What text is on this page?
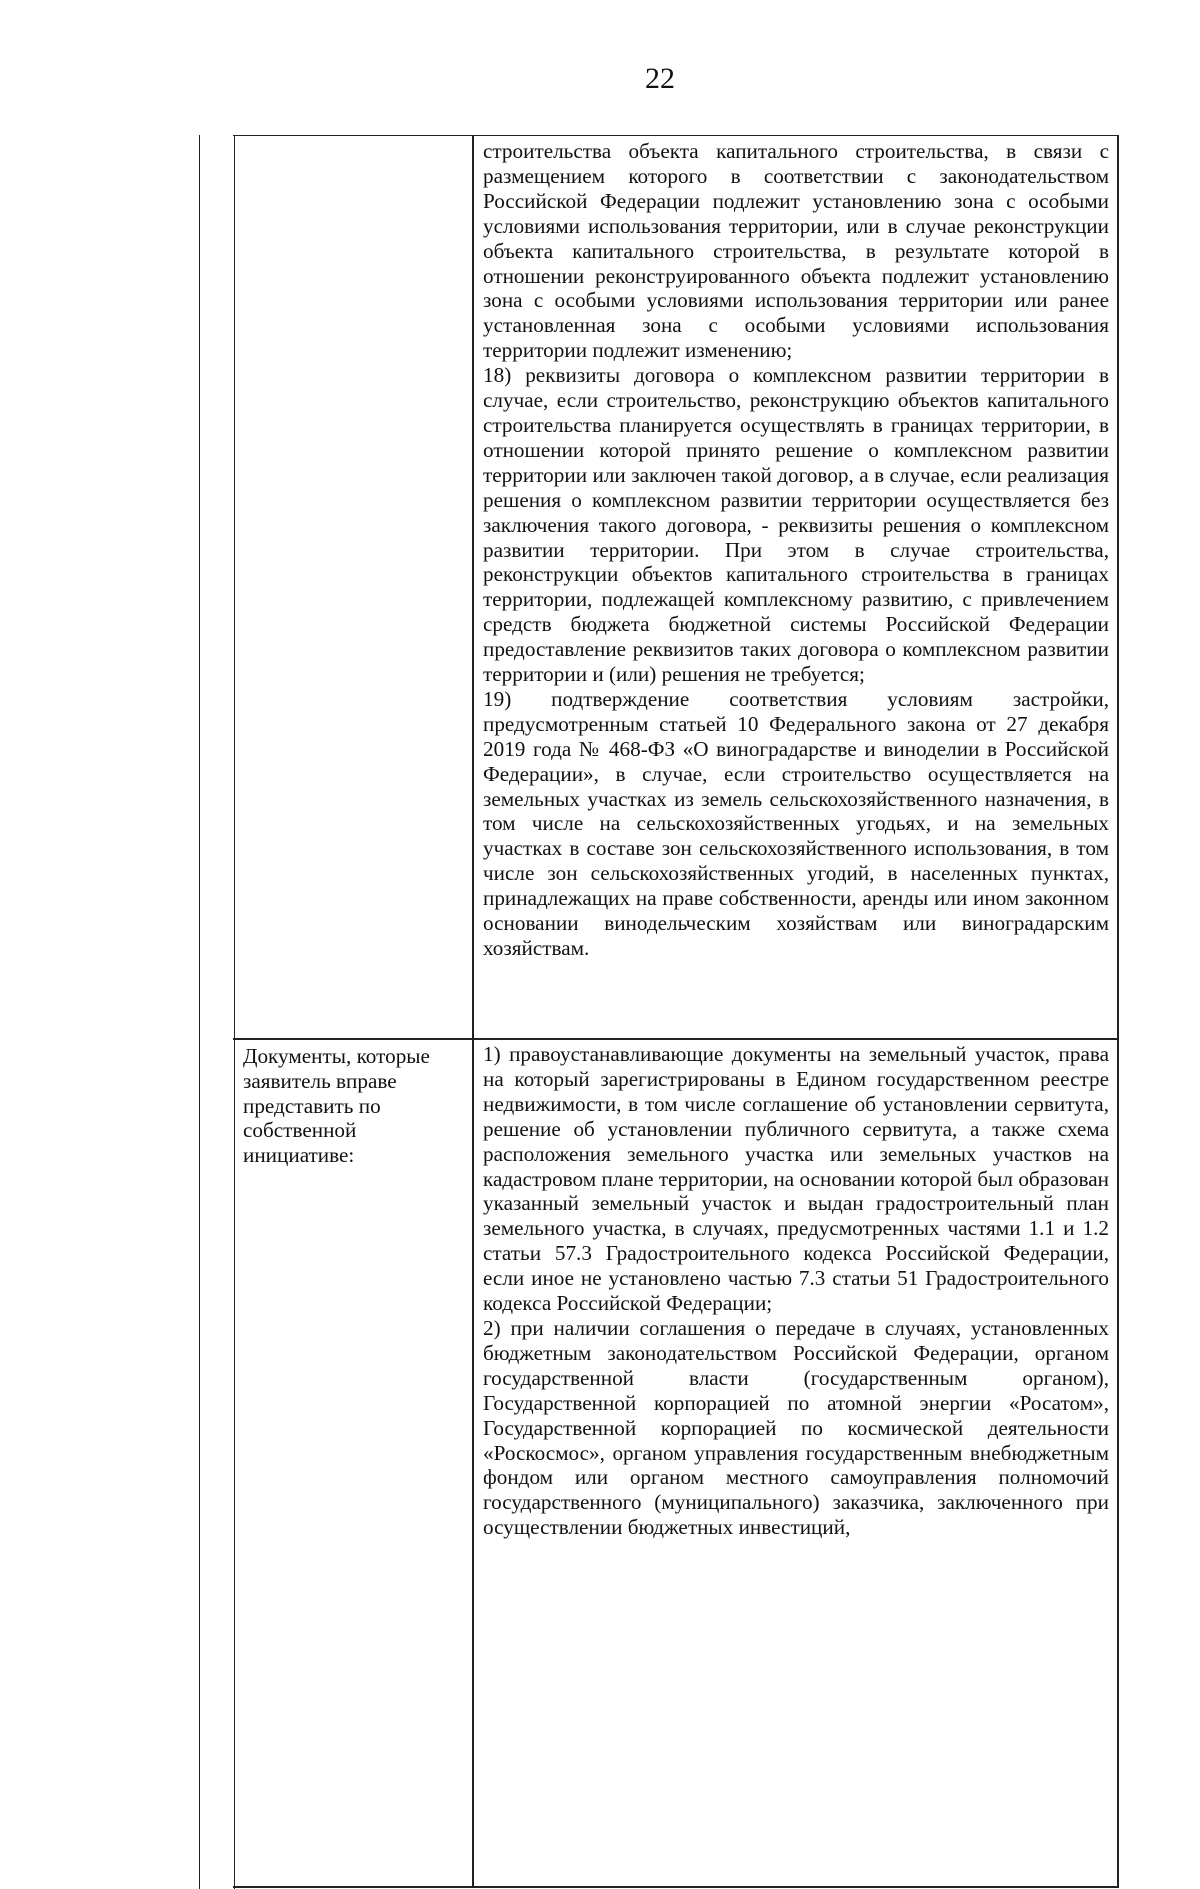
22

строительства объекта капитального строительства, в связи с размещением которого в соответствии с законодательством Российской Федерации подлежит установлению зона с особыми условиями использования территории, или в случае реконструкции объекта капитального строительства, в результате которой в отношении реконструированного объекта подлежит установлению зона с особыми условиями использования территории или ранее установленная зона с особыми условиями использования территории подлежит изменению;

18) реквизиты договора о комплексном развитии территории в случае, если строительство, реконструкцию объектов капитального строительства планируется осуществлять в границах территории, в отношении которой принято решение о комплексном развитии территории или заключен такой договор, а в случае, если реализация решения о комплексном развитии территории осуществляется без заключения такого договора, - реквизиты решения о комплексном развитии территории. При этом в случае строительства, реконструкции объектов капитального строительства в границах территории, подлежащей комплексному развитию, с привлечением средств бюджета бюджетной системы Российской Федерации предоставление реквизитов таких договора о комплексном развитии территории и (или) решения не требуется;

19) подтверждение соответствия условиям застройки, предусмотренным статьей 10 Федерального закона от 27 декабря 2019 года № 468-ФЗ «О виноградарстве и виноделии в Российской Федерации», в случае, если строительство осуществляется на земельных участках из земель сельскохозяйственного назначения, в том числе на сельскохозяйственных угодьях, и на земельных участках в составе зон сельскохозяйственного использования, в том числе зон сельскохозяйственных угодий, в населенных пунктах, принадлежащих на праве собственности, аренды или ином законном основании винодельческим хозяйствам или виноградарским хозяйствам.

Документы, которые заявитель вправе представить по собственной инициативе:

1) правоустанавливающие документы на земельный участок, права на который зарегистрированы в Едином государственном реестре недвижимости, в том числе соглашение об установлении сервитута, решение об установлении публичного сервитута, а также схема расположения земельного участка или земельных участков на кадастровом плане территории, на основании которой был образован указанный земельный участок и выдан градостроительный план земельного участка, в случаях, предусмотренных частями 1.1 и 1.2 статьи 57.3 Градостроительного кодекса Российской Федерации, если иное не установлено частью 7.3 статьи 51 Градостроительного кодекса Российской Федерации;

2) при наличии соглашения о передаче в случаях, установленных бюджетным законодательством Российской Федерации, органом государственной власти (государственным органом), Государственной корпорацией по атомной энергии «Росатом», Государственной корпорацией по космической деятельности «Роскосмос», органом управления государственным внебюджетным фондом или органом местного самоуправления полномочий государственного (муниципального) заказчика, заключенного при осуществлении бюджетных инвестиций,
